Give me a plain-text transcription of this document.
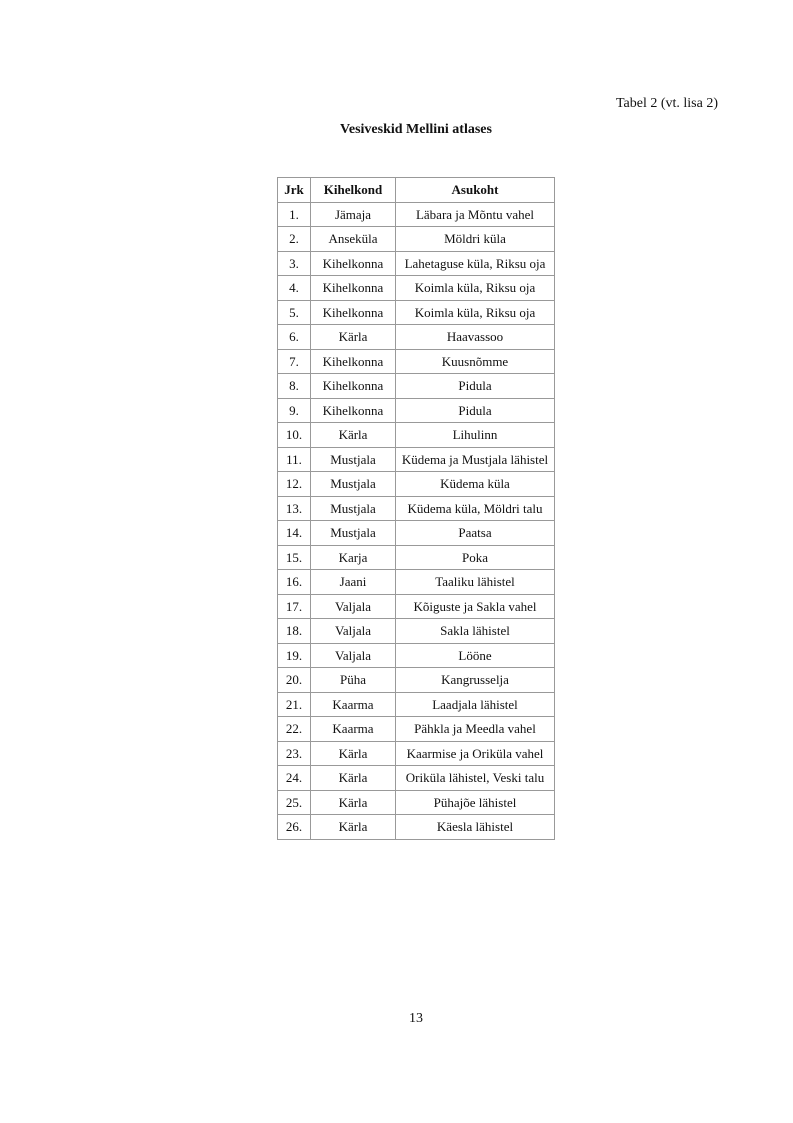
Tabel 2 (vt. lisa 2)
Vesiveskid Mellini atlases
Jrk	Kihelkond	Asukoht
1.	Jämaja	Läbara ja Mõntu vahel
2.	Anseküla	Möldri küla
3.	Kihelkonna	Lahetaguse küla, Riksu oja
4.	Kihelkonna	Koimla küla, Riksu oja
5.	Kihelkonna	Koimla küla, Riksu oja
6.	Kärla	Haavassoo
7.	Kihelkonna	Kuusnõmme
8.	Kihelkonna	Pidula
9.	Kihelkonna	Pidula
10.	Kärla	Lihulinn
11.	Mustjala	Küdema ja Mustjala lähistel
12.	Mustjala	Küdema küla
13.	Mustjala	Küdema küla, Möldri talu
14.	Mustjala	Paatsa
15.	Karja	Poka
16.	Jaani	Taaliku lähistel
17.	Valjala	Kõiguste ja Sakla vahel
18.	Valjala	Sakla lähistel
19.	Valjala	Lööne
20.	Püha	Kangrusselja
21.	Kaarma	Laadjala lähistel
22.	Kaarma	Pähkla ja Meedla vahel
23.	Kärla	Kaarmise ja Oriküla vahel
24.	Kärla	Oriküla lähistel, Veski talu
25.	Kärla	Pühajõe lähistel
26.	Kärla	Käesla lähistel
13
